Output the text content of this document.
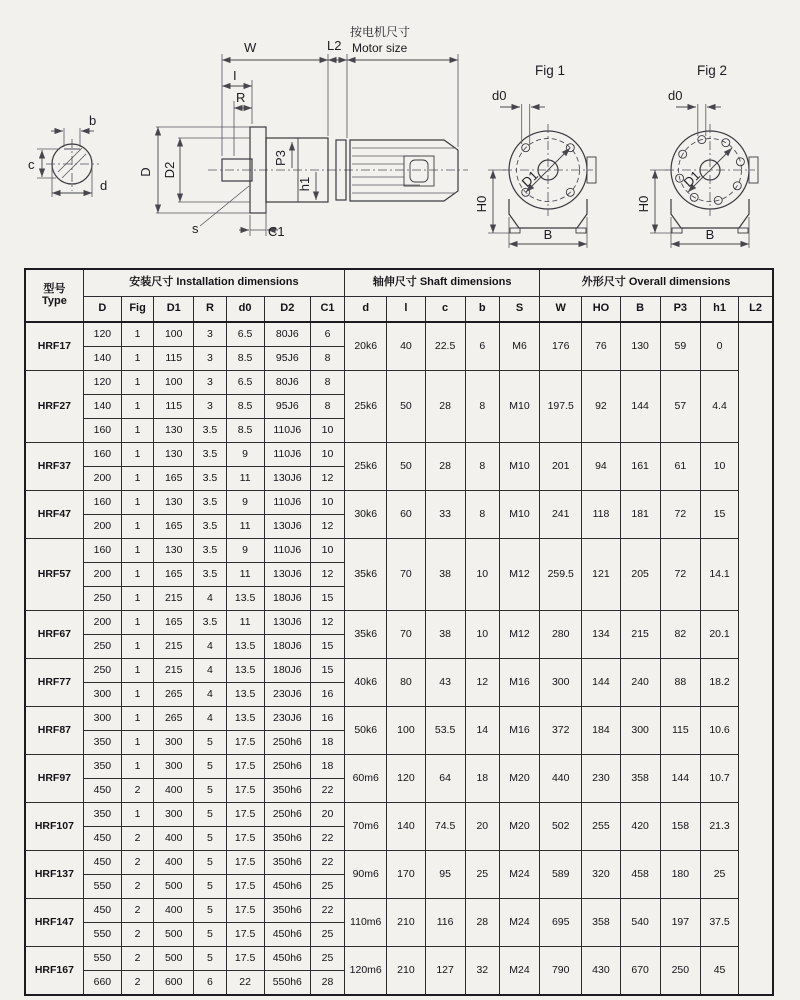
b
c
d
W	L2
按电机尺寸
Motor size
I
R
D D2
P3
h1
C1
s
Fig 1
D1
d0
H0
B
Fig 2
D1
d0
H0
B
型号
Type	安装尺寸 Installation dimensions							轴伸尺寸 Shaft dimensions					外形尺寸 Overall dimensions					
	D	Fig	D1	R	d0	D2	C1	d	l	c	b	S	W	HO	B	P3	h1	L2
HRF17	120	1	100	3	6.5	80J6	6	20k6	40	22.5	6	M6	176	76	130	59	0	
	140	1	115	3	8.5	95J6	8											
HRF27	120	1	100	3	6.5	80J6	8	25k6	50	28	8	M10	197.5	92	144	57	4.4	
	140	1	115	3	8.5	95J6	8											
	160	1	130	3.5	8.5	110J6	10											
HRF37	160	1	130	3.5	9	110J6	10	25k6	50	28	8	M10	201	94	161	61	10	
	200	1	165	3.5	11	130J6	12											
HRF47	160	1	130	3.5	9	110J6	10	30k6	60	33	8	M10	241	118	181	72	15	
	200	1	165	3.5	11	130J6	12											
HRF57	160	1	130	3.5	9	110J6	10	35k6	70	38	10	M12	259.5	121	205	72	14.1	
	200	1	165	3.5	11	130J6	12											
	250	1	215	4	13.5	180J6	15											
HRF67	200	1	165	3.5	11	130J6	12	35k6	70	38	10	M12	280	134	215	82	20.1	
	250	1	215	4	13.5	180J6	15											
HRF77	250	1	215	4	13.5	180J6	15	40k6	80	43	12	M16	300	144	240	88	18.2	
	300	1	265	4	13.5	230J6	16											
HRF87	300	1	265	4	13.5	230J6	16	50k6	100	53.5	14	M16	372	184	300	115	10.6	
	350	1	300	5	17.5	250h6	18											
HRF97	350	1	300	5	17.5	250h6	18	60m6	120	64	18	M20	440	230	358	144	10.7	
	450	2	400	5	17.5	350h6	22											
HRF107	350	1	300	5	17.5	250h6	20	70m6	140	74.5	20	M20	502	255	420	158	21.3	
	450	2	400	5	17.5	350h6	22											
HRF137	450	2	400	5	17.5	350h6	22	90m6	170	95	25	M24	589	320	458	180	25	
	550	2	500	5	17.5	450h6	25											
HRF147	450	2	400	5	17.5	350h6	22	110m6	210	116	28	M24	695	358	540	197	37.5	
	550	2	500	5	17.5	450h6	25											
HRF167	550	2	500	5	17.5	450h6	25	120m6	210	127	32	M24	790	430	670	250	45	
	660	2	600	6	22	550h6	28											
